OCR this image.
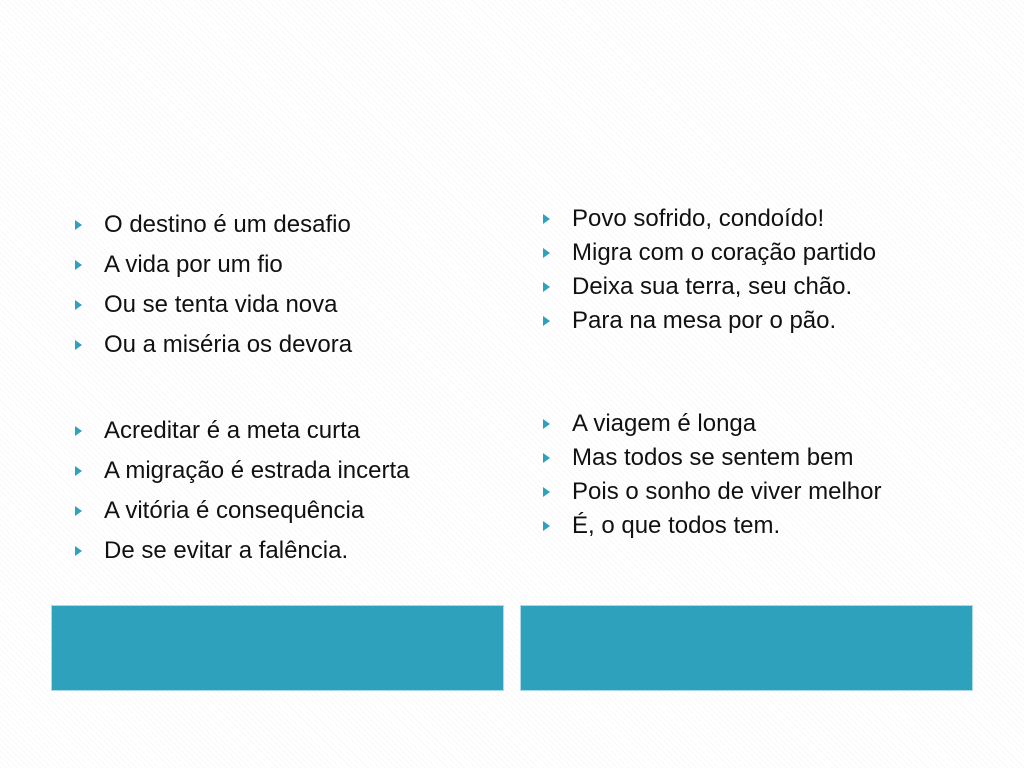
O destino é um desafio
A vida por um fio
Ou se tenta vida nova
Ou a miséria os devora
Acreditar é a meta curta
A migração é estrada incerta
A vitória é consequência
De se evitar a falência.
Povo sofrido, condoído!
Migra com o coração partido
Deixa sua terra, seu chão.
Para na mesa por o pão.
A viagem é longa
Mas todos se sentem bem
Pois o sonho de viver melhor
É, o que todos tem.
